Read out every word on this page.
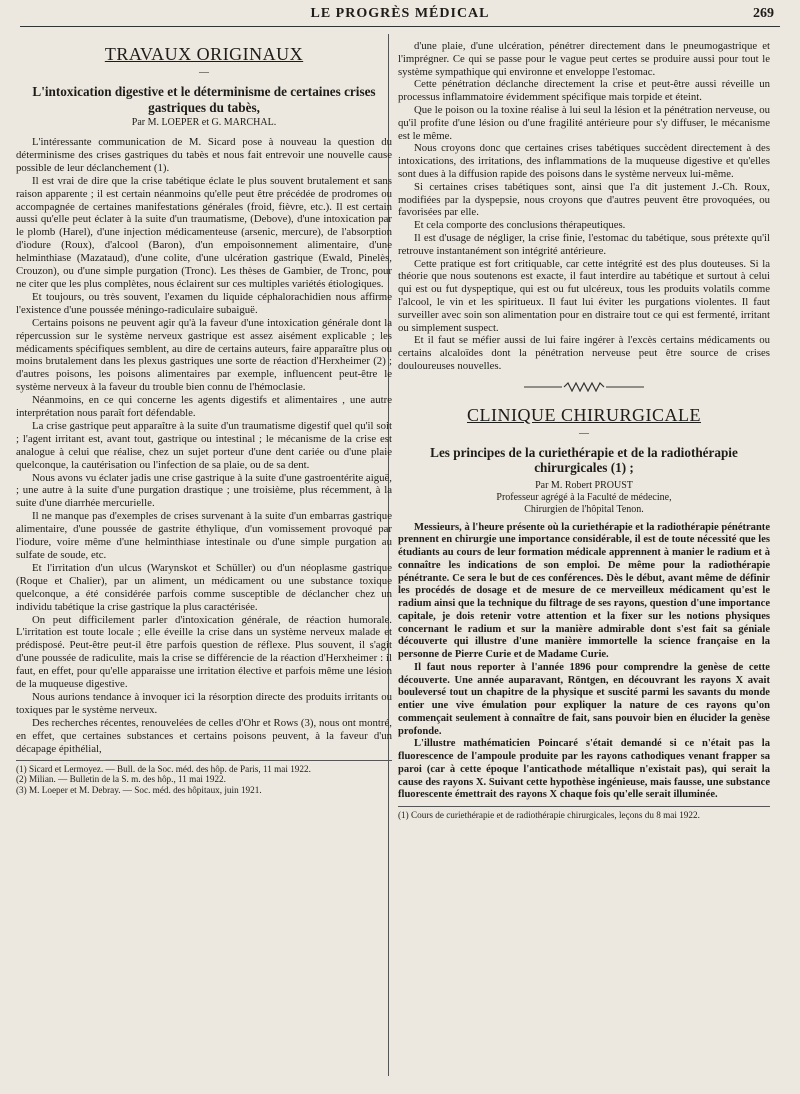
LE PROGRÈS MÉDICAL	269
TRAVAUX ORIGINAUX
—
L'intoxication digestive et le déterminisme de certaines crises gastriques du tabès,
Par M. LOEPER et G. MARCHAL.

L'intéressante communication de M. Sicard pose à nouveau la question du déterminisme des crises gastriques du tabès et nous fait entrevoir une nouvelle cause possible de leur déclanchement (1).

Il est vrai de dire que la crise tabétique éclate le plus souvent brutalement et sans raison apparente ; il est certain néanmoins qu'elle peut être précédée de prodromes ou accompagnée de certaines manifestations générales (froid, fièvre, etc.). Il est certain aussi qu'elle peut éclater à la suite d'un traumatisme, (Debove), d'une intoxication par le plomb (Harel), d'une injection médicamenteuse (arsenic, mercure), de l'absorption d'iodure (Roux), d'alcool (Baron), d'un empoisonnement alimentaire, d'une helminthiase (Mazataud), d'une colite, d'une ulcération gastrique (Ewald, Pinelès, Crouzon), ou d'une simple purgation (Tronc). Les thèses de Gambier, de Tronc, pour ne citer que les plus complètes, nous éclairent sur ces multiples variétés étiologiques.

Et toujours, ou très souvent, l'examen du liquide céphalorachidien nous affirme l'existence d'une poussée méningo-radiculaire subaiguë.

Certains poisons ne peuvent agir qu'à la faveur d'une intoxication générale dont la répercussion sur le système nerveux gastrique est assez aisément explicable ; les médicaments spécifiques semblent, au dire de certains auteurs, faire apparaître plus ou moins brutalement dans les plexus gastriques une sorte de réaction d'Herxheimer (2) ; d'autres poisons, les poisons alimentaires par exemple, influencent peut-être le système nerveux à la faveur du trouble bien connu de l'hémoclasie.

Néanmoins, en ce qui concerne les agents digestifs et alimentaires , une autre interprétation nous paraît fort défendable.

La crise gastrique peut apparaître à la suite d'un traumatisme digestif quel qu'il soit ; l'agent irritant est, avant tout, gastrique ou intestinal ; le mécanisme de la crise est analogue à celui que réalise, chez un sujet porteur d'une dent cariée ou d'une plaie quelconque, la cautérisation ou l'infection de sa plaie, ou de sa dent.

Nous avons vu éclater jadis une crise gastrique à la suite d'une gastroentérite aiguë, ; une autre à la suite d'une purgation drastique ; une troisième, plus récemment, à la suite d'une diarrhée mercurielle.

Il ne manque pas d'exemples de crises survenant à la suite d'un embarras gastrique alimentaire, d'une poussée de gastrite éthylique, d'un vomissement provoqué par l'iodure, voire même d'une helminthiase intestinale ou d'une simple purgation au sulfate de soude, etc.

Et l'irritation d'un ulcus (Warynskot et Schüller) ou d'un néoplasme gastrique (Roque et Chalier), par un aliment, un médicament ou une substance toxique quelconque, a été considérée parfois comme susceptible de déclancher chez un individu tabétique la crise gastrique la plus caractérisée.

On peut difficilement parler d'intoxication générale, de réaction humorale. L'irritation est toute locale ; elle éveille la crise dans un système nerveux malade et prédisposé. Peut-être peut-il être parfois question de réflexe. Plus souvent, il s'agit d'une poussée de radiculite, mais la crise se différencie de la réaction d'Herxheimer : il faut, en effet, pour qu'elle apparaisse une irritation élective et parfois même une lésion de la muqueuse digestive.

Nous aurions tendance à invoquer ici la résorption directe des produits irritants ou toxiques par le système nerveux.

Des recherches récentes, renouvelées de celles d'Ohr et Rows (3), nous ont montré, en effet, que certaines substances et certains poisons peuvent, à la faveur d'un décapage épithélial,

(1) Sicard et Lermoyez. — Bull. de la Soc. méd. des hôp. de Paris, 11 mai 1922.
(2) Milian. — Bulletin de la S. m. des hôp., 11 mai 1922.
(3) M. Loeper et M. Debray. — Soc. méd. des hôpitaux, juin 1921.

d'une plaie, d'une ulcération, pénétrer directement dans le pneumogastrique et l'imprégner. Ce qui se passe pour le vague peut certes se produire aussi pour tout le système sympathique qui environne et enveloppe l'estomac.

Cette pénétration déclanche directement la crise et peut-être aussi réveille un processus inflammatoire évidemment spécifique mais torpide et éteint.

Que le poison ou la toxine réalise à lui seul la lésion et la pénétration nerveuse, ou qu'il profite d'une lésion ou d'une fragilité antérieure pour s'y diffuser, le mécanisme est le même.

Nous croyons donc que certaines crises tabétiques succèdent directement à des intoxications, des irritations, des inflammations de la muqueuse digestive et qu'elles sont dues à la diffusion rapide des poisons dans le système nerveux lui-même.

Si certaines crises tabétiques sont, ainsi que l'a dit justement J.-Ch. Roux, modifiées par la dyspepsie, nous croyons que d'autres peuvent être provoquées, ou favorisées par elle.

Et cela comporte des conclusions thérapeutiques.

Il est d'usage de négliger, la crise finie, l'estomac du tabétique, sous prétexte qu'il retrouve instantanément son intégrité antérieure.

Cette pratique est fort critiquable, car cette intégrité est des plus douteuses. Si la théorie que nous soutenons est exacte, il faut interdire au tabétique et surtout à celui qui est ou fut dyspeptique, qui est ou fut ulcéreux, tous les produits volatils comme l'alcool, le vin et les spiritueux. Il faut lui éviter les purgations violentes. Il faut surveiller avec soin son alimentation pour en distraire tout ce qui est fermenté, irritant ou simplement suspect.

Et il faut se méfier aussi de lui faire ingérer à l'excès certains médicaments ou certains alcaloïdes dont la pénétration nerveuse peut être source de crises douloureuses nouvelles.

CLINIQUE CHIRURGICALE
—
Les principes de la curiethérapie et de la radiothérapie chirurgicales (1) ;
Par M. Robert PROUST
Professeur agrégé à la Faculté de médecine,
Chirurgien de l'hôpital Tenon.

Messieurs, à l'heure présente où la curiethérapie et la radiothérapie pénétrante prennent en chirurgie une importance considérable, il est de toute nécessité que les étudiants au cours de leur formation médicale apprennent à manier le radium et à connaître les indications de son emploi. De même pour la radiothérapie pénétrante. Ce sera le but de ces conférences. Dès le début, avant même de définir les procédés de dosage et de mesure de ce merveilleux médicament qu'est le radium ainsi que la technique du filtrage de ses rayons, question d'une importance capitale, je dois retenir votre attention et la fixer sur les notions physiques concernant le radium et sur la manière admirable dont s'est fait sa géniale découverte qui illustre d'une manière immortelle la science française en la personne de Pierre Curie et de Madame Curie.

Il faut nous reporter à l'année 1896 pour comprendre la genèse de cette découverte. Une année auparavant, Röntgen, en découvrant les rayons X avait bouleversé tout un chapitre de la physique et suscité parmi les savants du monde entier une vive émulation pour expliquer la nature de ces rayons qu'on commençait seulement à connaître de fait, sans pouvoir bien en élucider la genèse profonde.

L'illustre mathématicien Poincaré s'était demandé si ce n'était pas la fluorescence de l'ampoule produite par les rayons cathodiques venant frapper sa paroi (car à cette époque l'anticathode métallique n'existait pas), qui serait la cause des rayons X. Suivant cette hypothèse ingénieuse, mais fausse, une substance fluorescente émettrait des rayons X chaque fois qu'elle serait illuminée.

(1) Cours de curiethérapie et de radiothérapie chirurgicales, leçons du 8 mai 1922.
